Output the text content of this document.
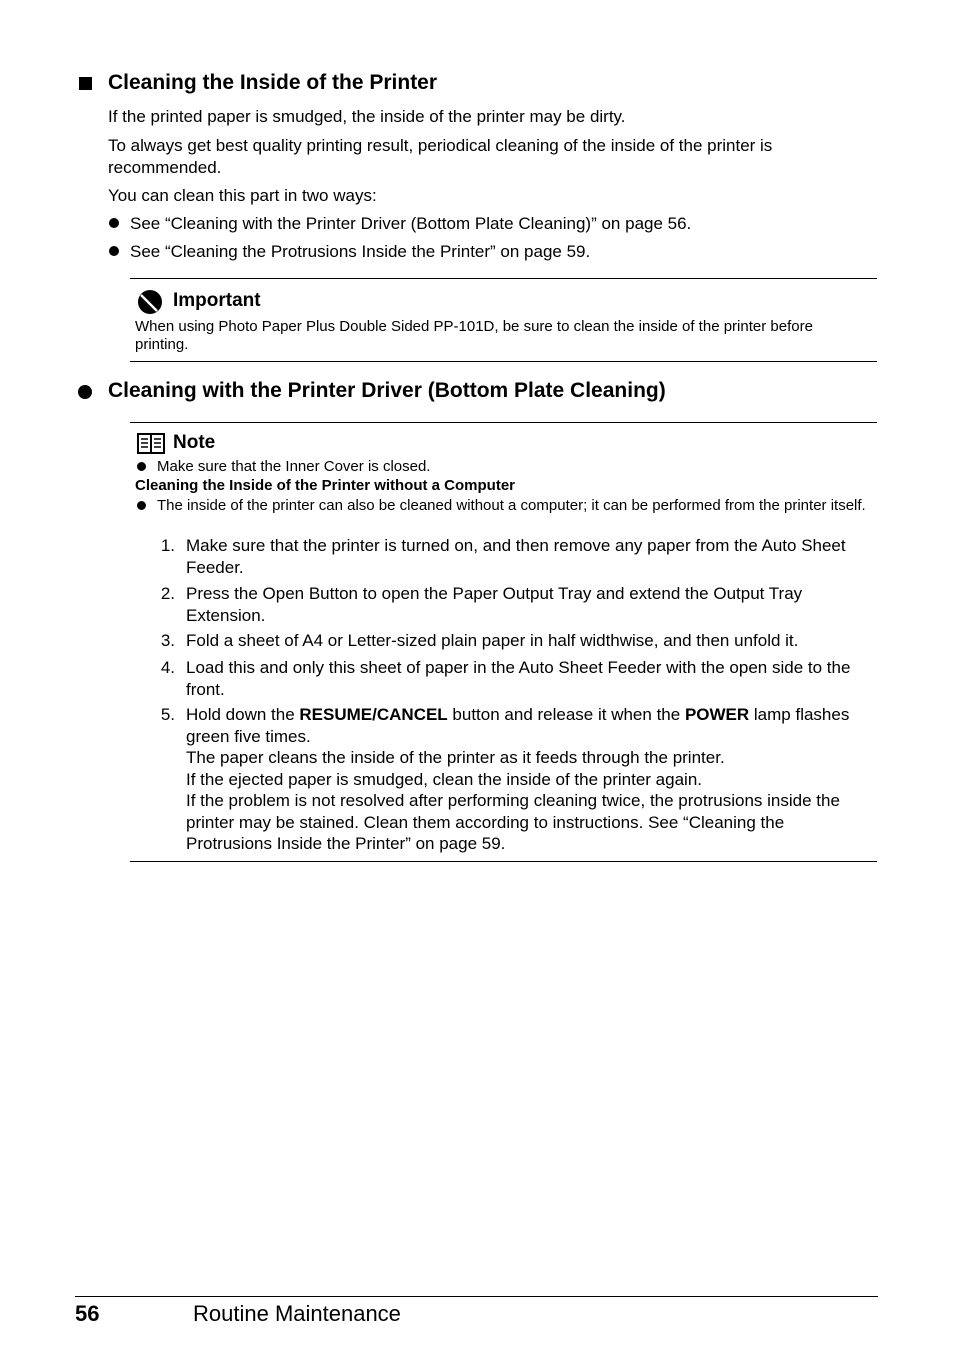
Cleaning the Inside of the Printer
If the printed paper is smudged, the inside of the printer may be dirty.
To always get best quality printing result, periodical cleaning of the inside of the printer is recommended.
You can clean this part in two ways:
See “Cleaning with the Printer Driver (Bottom Plate Cleaning)” on page 56.
See “Cleaning the Protrusions Inside the Printer” on page 59.
Important
When using Photo Paper Plus Double Sided PP-101D, be sure to clean the inside of the printer before printing.
Cleaning with the Printer Driver (Bottom Plate Cleaning)
Note
Make sure that the Inner Cover is closed.
Cleaning the Inside of the Printer without a Computer
The inside of the printer can also be cleaned without a computer; it can be performed from the printer itself.
1. Make sure that the printer is turned on, and then remove any paper from the Auto Sheet Feeder.
2. Press the Open Button to open the Paper Output Tray and extend the Output Tray Extension.
3. Fold a sheet of A4 or Letter-sized plain paper in half widthwise, and then unfold it.
4. Load this and only this sheet of paper in the Auto Sheet Feeder with the open side to the front.
5. Hold down the RESUME/CANCEL button and release it when the POWER lamp flashes green five times.
The paper cleans the inside of the printer as it feeds through the printer.
If the ejected paper is smudged, clean the inside of the printer again.
If the problem is not resolved after performing cleaning twice, the protrusions inside the printer may be stained. Clean them according to instructions. See “Cleaning the Protrusions Inside the Printer” on page 59.
56	Routine Maintenance
